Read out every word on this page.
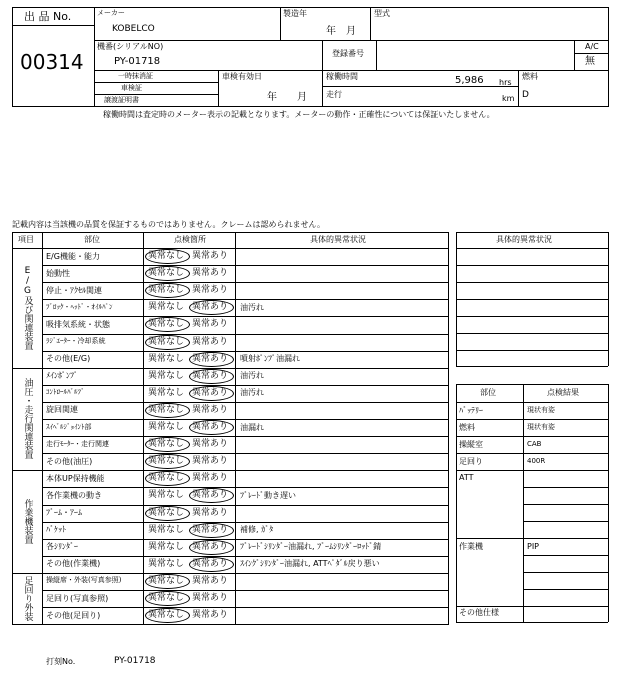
出 品 No.
00314
メーカー
KOBELCO
製造年
年　月
型式
機番(シリアルNO)
PY-01718
登録番号
A/C
無
一時抹消証
車検証
譲渡証明書
車検有効日
年　　月
稼働時間	5,986 hrs
走行	km
燃料
D
稼働時間は査定時のメーター表示の記載となります。メーターの動作・正確性については保証いたしません。
記載内容は当該機の品質を保証するものではありません。クレームは認められません。
項目	部位	点検箇所	具体的異常状況
E/G及び関連装置
油圧・走行関連装置
作業機装置
足回り外装
E/G機能・能力	異常なし 異常あり
始動性	異常なし 異常あり
停止・ｱｸｾﾙ関連	異常なし 異常あり
ﾌﾞﾛｯｸ・ﾍｯﾄﾞ・ｵｲﾙﾊﾟﾝ	異常なし 異常あり 油汚れ
吸排気系統・状態	異常なし 異常あり
ﾗｼﾞｴｰﾀｰ・冷却系統	異常なし 異常あり
その他(E/G)	異常なし 異常あり 噴射ﾎﾟﾝﾌﾟ油漏れ
ﾒｲﾝﾎﾟﾝﾌﾟ	異常なし 異常あり 油汚れ
ｺﾝﾄﾛｰﾙﾊﾞﾙﾌﾞ	異常なし 異常あり 油汚れ
旋回関連	異常なし 異常あり
ｽｲﾍﾞﾙｼﾞｮｲﾝﾄ部	異常なし 異常あり 油漏れ
走行ﾓｰﾀｰ・走行関連	異常なし 異常あり
その他(油圧)	異常なし 異常あり
本体UP保持機能	異常なし 異常あり
各作業機の動き	異常なし 異常あり ﾌﾞﾚｰﾄﾞ動き遅い
ﾌﾞｰﾑ・ｱｰﾑ	異常なし 異常あり
ﾊﾞｹｯﾄ	異常なし 異常あり 補修, ｶﾞﾀ
各ｼﾘﾝﾀﾞｰ	異常なし 異常あり ﾌﾞﾚｰﾄﾞｼﾘﾝﾀﾞｰ油漏れ, ﾌﾞｰﾑｼﾘﾝﾀﾞｰﾛｯﾄﾞ錆
その他(作業機)	異常なし 異常あり ｽｲﾝｸﾞｼﾘﾝﾀﾞｰ油漏れ, ATTﾍﾟﾀﾞﾙ戻り悪い
操縦席・外装(写真参照)	異常なし 異常あり
足回り(写真参照)	異常なし 異常あり
その他(足回り)	異常なし 異常あり
具体的異常状況
部位	点検結果
ﾊﾞｯﾃﾘｰ	現状有姿
燃料	現状有姿
操縦室	CAB
足回り	400R
ATT
作業機	PIP
その他仕様
打刻No.	PY-01718
